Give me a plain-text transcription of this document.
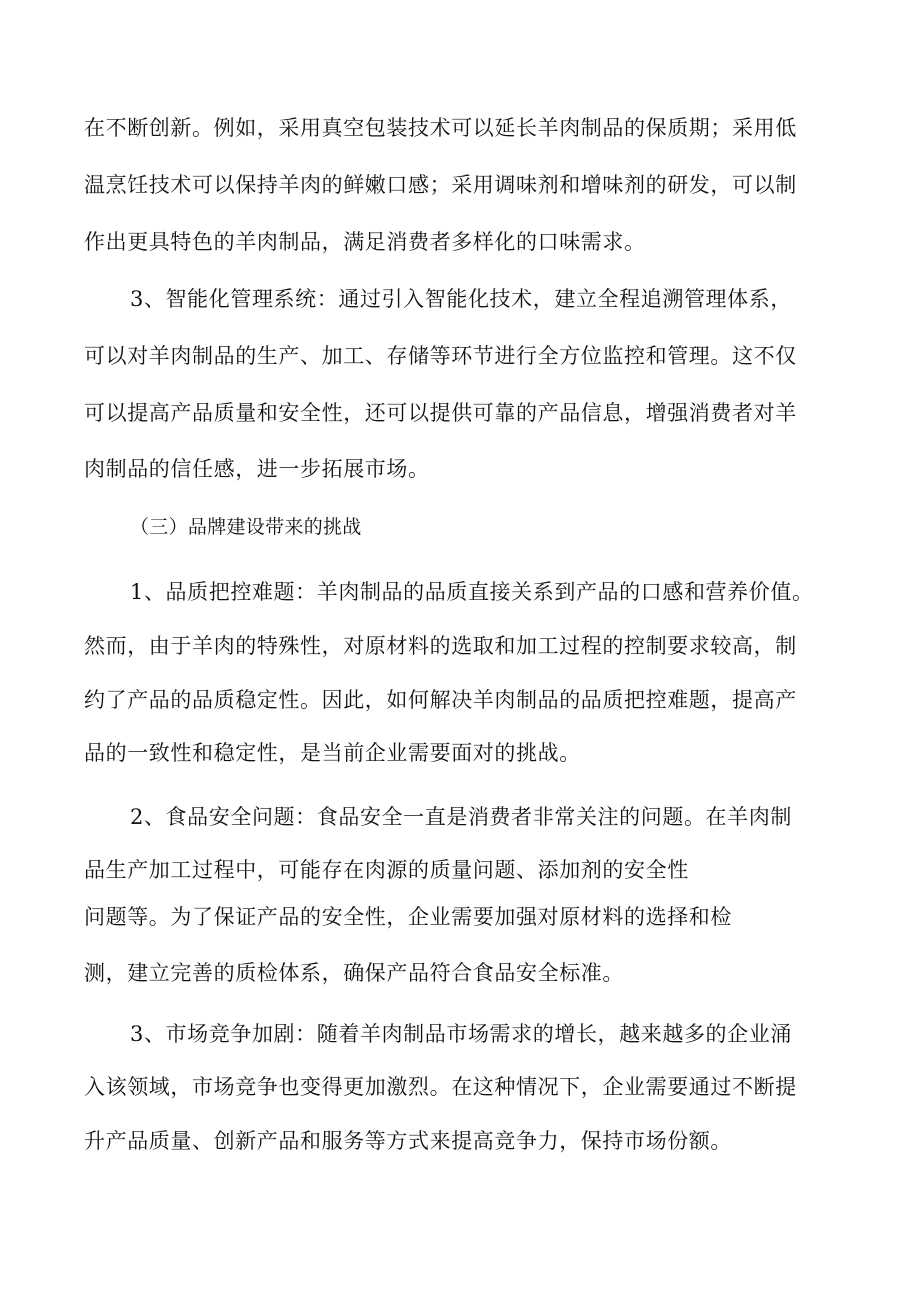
在不断创新。例如，采用真空包装技术可以延长羊肉制品的保质期；采用低

温烹饪技术可以保持羊肉的鲜嫩口感；采用调味剂和增味剂的研发，可以制

作出更具特色的羊肉制品，满足消费者多样化的口味需求。

3、智能化管理系统：通过引入智能化技术，建立全程追溯管理体系，

可以对羊肉制品的生产、加工、存储等环节进行全方位监控和管理。这不仅

可以提高产品质量和安全性，还可以提供可靠的产品信息，增强消费者对羊

肉制品的信任感，进一步拓展市场。

（三）品牌建设带来的挑战

1、品质把控难题：羊肉制品的品质直接关系到产品的口感和营养价值。

然而，由于羊肉的特殊性，对原材料的选取和加工过程的控制要求较高，制

约了产品的品质稳定性。因此，如何解决羊肉制品的品质把控难题，提高产

品的一致性和稳定性，是当前企业需要面对的挑战。

2、食品安全问题：食品安全一直是消费者非常关注的问题。在羊肉制

品生产加工过程中，可能存在肉源的质量问题、添加剂的安全性

问题等。为了保证产品的安全性，企业需要加强对原材料的选择和检

测，建立完善的质检体系，确保产品符合食品安全标准。

3、市场竞争加剧：随着羊肉制品市场需求的增长，越来越多的企业涌

入该领域，市场竞争也变得更加激烈。在这种情况下，企业需要通过不断提

升产品质量、创新产品和服务等方式来提高竞争力，保持市场份额。
